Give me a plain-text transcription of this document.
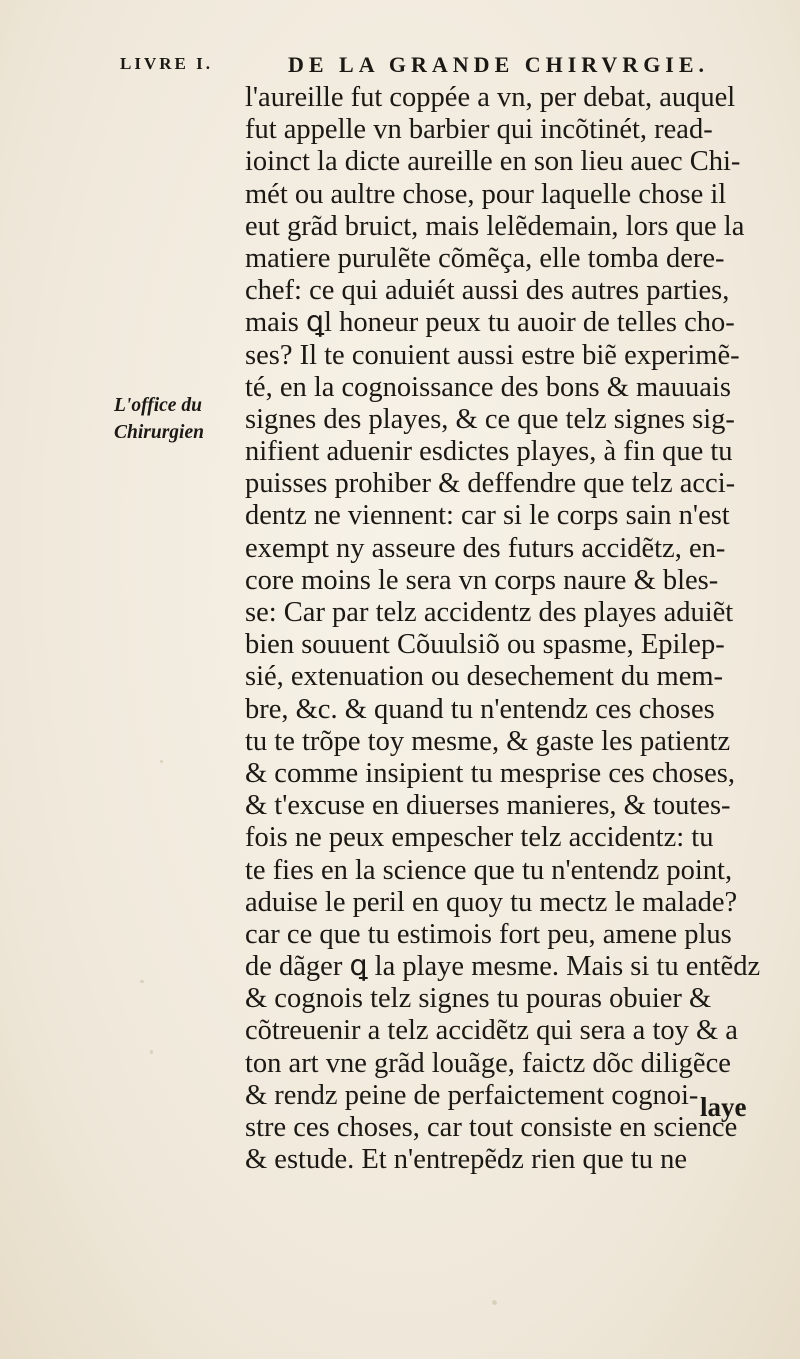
LIVRE I.	DE LA GRANDE CHIRVRGIE.
L'office du
Chirurgien
l'aureille fut coppée a vn, per debat, auquel
fut appelle vn barbier qui incõtinét, read-
ioinct la dicte aureille en son lieu auec Chi-
mét ou aultre chose, pour laquelle chose il
eut grãd bruict, mais lelẽdemain, lors que la
matiere purulẽte cõmẽça, elle tomba dere-
chef: ce qui aduiét aussi des autres parties,
mais ꝗl honeur peux tu auoir de telles cho-
ses? Il te conuient aussi estre biẽ experimẽ-
té, en la cognoissance des bons & mauuais
signes des playes, & ce que telz signes sig-
nifient aduenir esdictes playes, à fin que tu
puisses prohiber & deffendre que telz acci-
dentz ne viennent: car si le corps sain n'est
exempt ny asseure des futurs accidẽtz, en-
core moins le sera vn corps naure & bles-
se: Car par telz accidentz des playes aduiẽt
bien souuent Cõuulsiõ ou spasme, Epilep-
sié, extenuation ou desechement du mem-
bre, &c. & quand tu n'entendz ces choses
tu te trõpe toy mesme, & gaste les patientz
& comme insipient tu mesprise ces choses,
& t'excuse en diuerses manieres, & toutes-
fois ne peux empescher telz accidentz: tu
te fies en la science que tu n'entendz point,
aduise le peril en quoy tu mectz le malade?
car ce que tu estimois fort peu, amene plus
de dãger ꝗ la playe mesme. Mais si tu entẽdz
& cognois telz signes tu pouras obuier &
cõtreuenir a telz accidẽtz qui sera a toy & a
ton art vne grãd louãge, faictz dõc diligẽce
& rendz peine de perfaictement cognoi-
stre ces choses, car tout consiste en science
& estude. Et n'entrepẽdz rien que tu ne
laye
